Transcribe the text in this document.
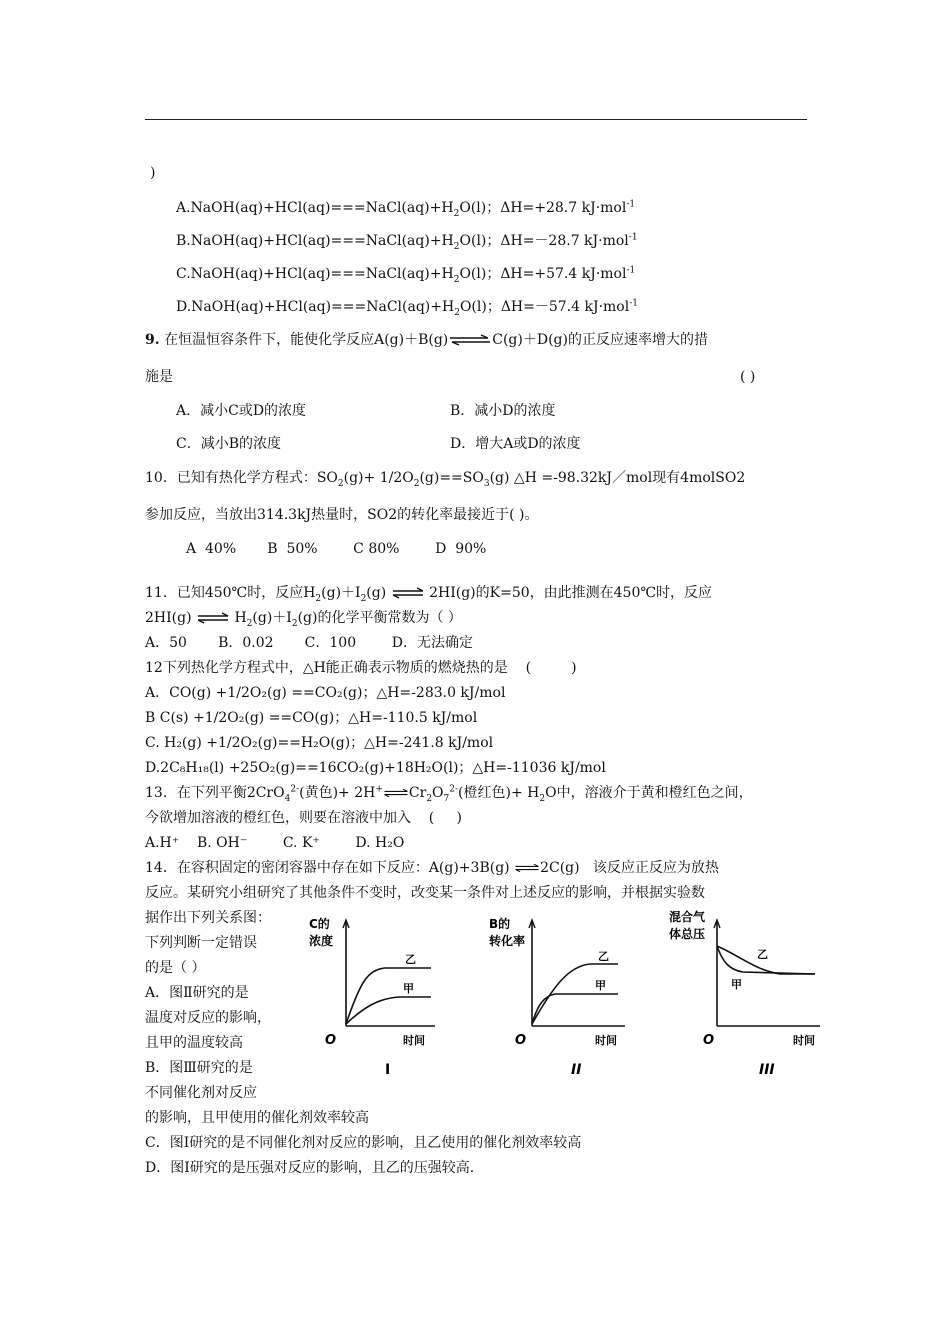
)
$A.NaOH(aq)+HCl(aq)===NaCl(aq)+H_2O(l)$；ΔH=+28.7 kJ·mol$^{-1}$
$B.NaOH(aq)+HCl(aq)===NaCl(aq)+H_2O(l)$；ΔH=－28.7 kJ·mol$^{-1}$
$C.NaOH(aq)+HCl(aq)===NaCl(aq)+H_2O(l)$；ΔH=+57.4 kJ·mol$^{-1}$
$D.NaOH(aq)+HCl(aq)===NaCl(aq)+H_2O(l)$；ΔH=－57.4 kJ·mol$^{-1}$
9. 在恒温恒容条件下，能使化学反应A(g)＋B(g)⇌C(g)＋D(g)的正反应速率增大的措
施是	( )
A．减小C或D的浓度	B．减小D的浓度
C．减小B的浓度	D．增大A或D的浓度
10．已知有热化学方程式：$SO_2(g)+ 1/2O_2(g)==SO_3(g)$ △H =-98.32kJ／mol现有4molSO2
参加反应，当放出314.3kJ热量时，SO2的转化率最接近于( )。
A  40%       B  50%        C 80%        D  90%
11．已知450℃时，反应$H_2(g)+I_2(g)$ ⇌ 2HI(g)的K=50，由此推测在450℃时，反应
2HI(g) ⇌ $H_2(g)+I_2(g)$的化学平衡常数为（ ）
A．50       B．0.02       C．100        D．无法确定
12下列热化学方程式中，△H能正确表示物质的燃烧热的是    (         )
A．CO(g) +1/2O₂(g) ==CO₂(g)；△H=-283.0 kJ/mol
B C(s) +1/2O₂(g) ==CO(g)；△H=-110.5 kJ/mol
C. H₂(g) +1/2O₂(g)==H₂O(g)；△H=-241.8 kJ/mol
D.2C₈H₁₈(l) +25O₂(g)==16CO₂(g)+18H₂O(l)；△H=-11036 kJ/mol
13．在下列平衡2CrO$_4^{2-}$(黄色)+ $2H^+\rightleftharpoons Cr_2O_7^{2-}$(橙红色)+ $H_2O$中，溶液介于黄和橙红色之间，
今欲增加溶液的橙红色，则要在溶液中加入    (     )
A.H⁺    B. OH⁻        C. K⁺        D. H₂O
14．在容积固定的密闭容器中存在如下反应：A(g)+3B(g) ⇌2C(g)   该反应正反应为放热
反应。某研究小组研究了其他条件不变时，改变某一条件对上述反应的影响，并根据实验数
据作出下列关系图：
下列判断一定错误
的是（ ）
A．图Ⅱ研究的是
温度对反应的影响，
且甲的温度较高
B．图Ⅲ研究的是
不同催化剂对反应
的影响，且甲使用的催化剂效率较高
C．图Ⅰ研究的是不同催化剂对反应的影响，且乙使用的催化剂效率较高
D．图Ⅰ研究的是压强对反应的影响，且乙的压强较高.
C的
浓度
乙
甲
O	时间
I
B的
转化率
乙
甲
O	时间
II
混合气
体总压
乙
甲
O	时间
III
